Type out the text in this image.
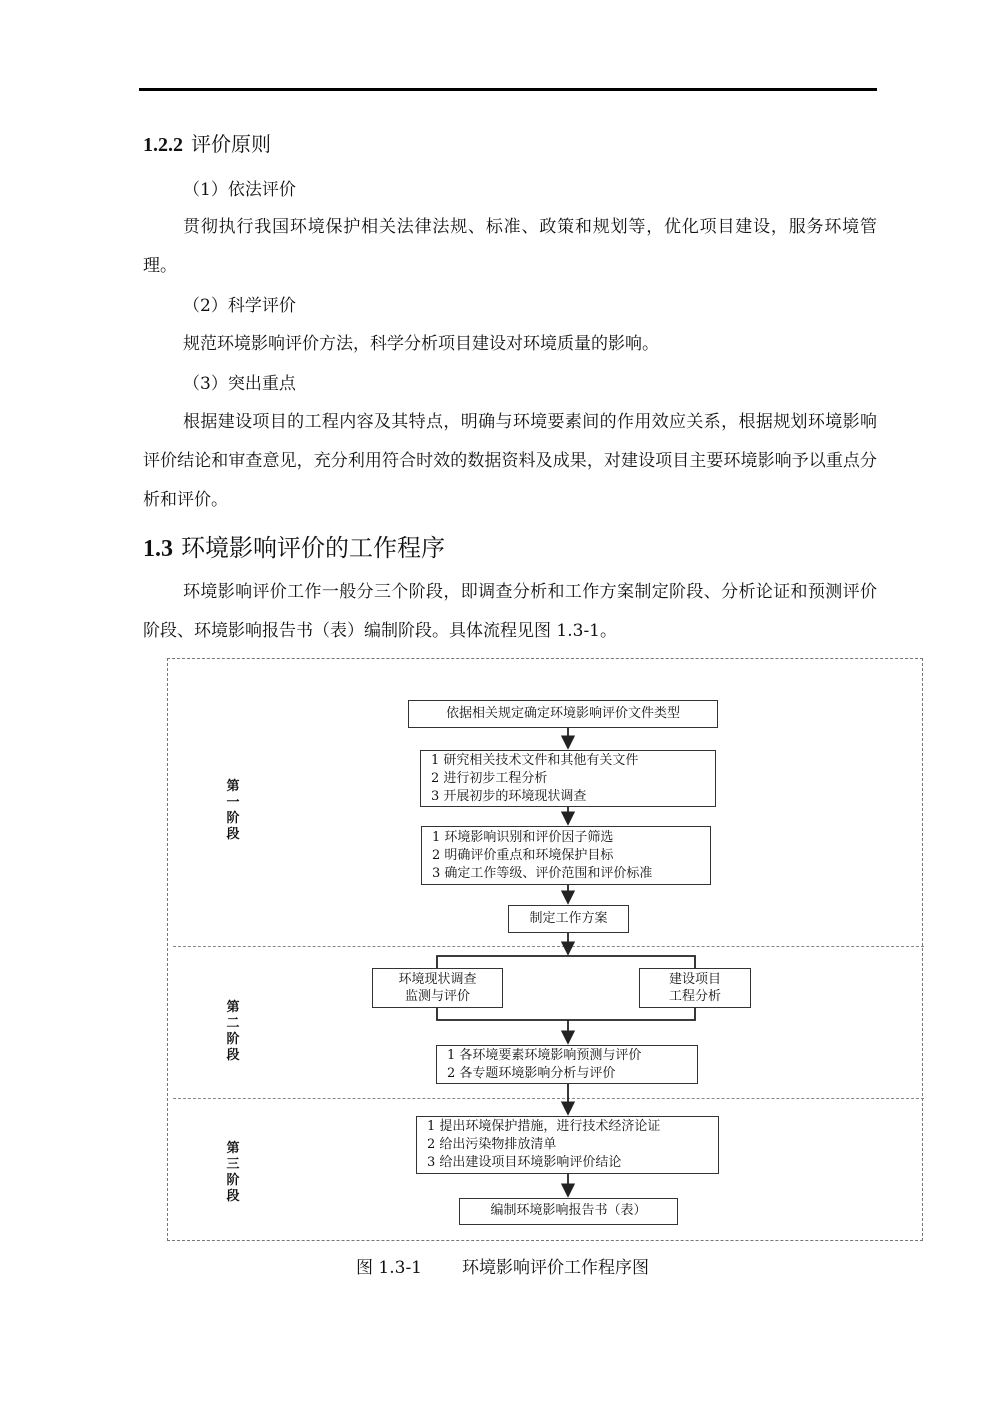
1.2.2 评价原则
（1）依法评价
贯彻执行我国环境保护相关法律法规、标准、政策和规划等，优化项目建设，服务环境管理。
（2）科学评价
规范环境影响评价方法，科学分析项目建设对环境质量的影响。
（3）突出重点
根据建设项目的工程内容及其特点，明确与环境要素间的作用效应关系，根据规划环境影响评价结论和审查意见，充分利用符合时效的数据资料及成果，对建设项目主要环境影响予以重点分析和评价。
1.3 环境影响评价的工作程序
环境影响评价工作一般分三个阶段，即调查分析和工作方案制定阶段、分析论证和预测评价阶段、环境影响报告书（表）编制阶段。具体流程见图 1.3-1。
第
一
阶
段
第
二
阶
段
第
三
阶
段
依据相关规定确定环境影响评价文件类型
1 研究相关技术文件和其他有关文件
2 进行初步工程分析
3 开展初步的环境现状调查
1 环境影响识别和评价因子筛选
2 明确评价重点和环境保护目标
3 确定工作等级、评价范围和评价标准
制定工作方案
环境现状调查
监测与评价
建设项目
工程分析
1 各环境要素环境影响预测与评价
2 各专题环境影响分析与评价
1 提出环境保护措施，进行技术经济论证
2 给出污染物排放清单
3 给出建设项目环境影响评价结论
编制环境影响报告书（表）
图 1.3-1 环境影响评价工作程序图
